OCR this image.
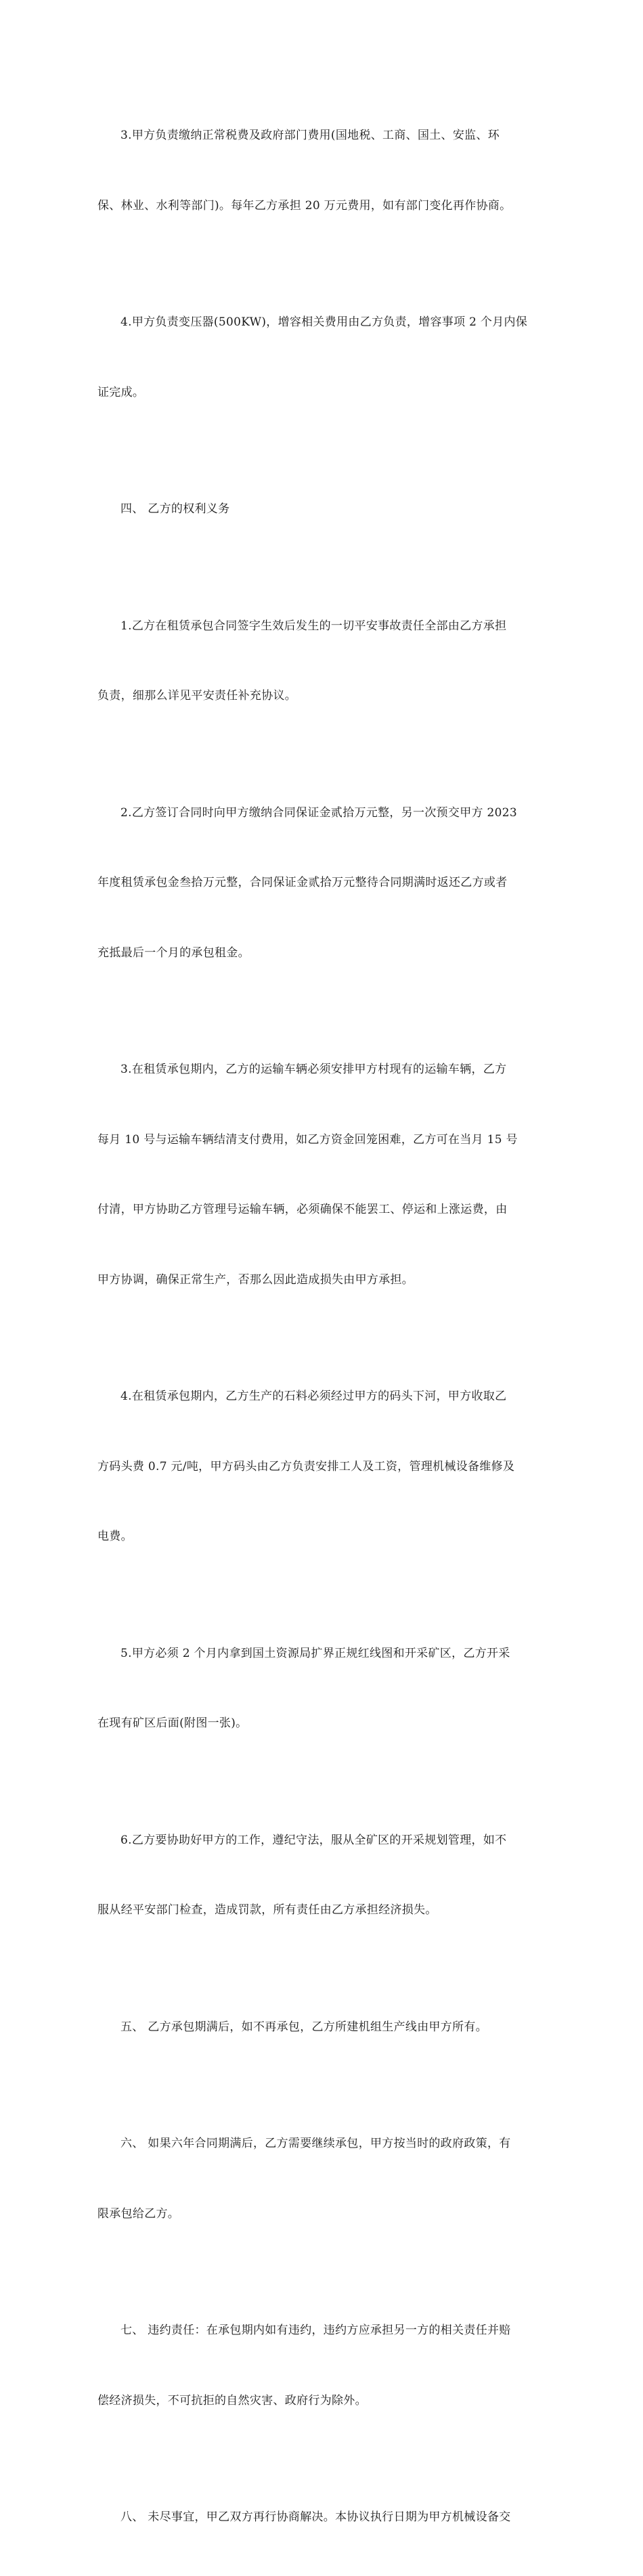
3.甲方负责缴纳正常税费及政府部门费用(国地税、工商、国土、安监、环

保、林业、水利等部门)。每年乙方承担 20 万元费用，如有部门变化再作协商。

4.甲方负责变压器(500KW)，增容相关费用由乙方负责，增容事项 2 个月内保

证完成。

四、 乙方的权利义务

1.乙方在租赁承包合同签字生效后发生的一切平安事故责任全部由乙方承担

负责，细那么详见平安责任补充协议。

2.乙方签订合同时向甲方缴纳合同保证金贰拾万元整，另一次预交甲方 2023

年度租赁承包金叁拾万元整，合同保证金贰拾万元整待合同期满时返还乙方或者

充抵最后一个月的承包租金。

3.在租赁承包期内，乙方的运输车辆必须安排甲方村现有的运输车辆，乙方

每月 10 号与运输车辆结清支付费用，如乙方资金回笼困难，乙方可在当月 15 号

付清，甲方协助乙方管理号运输车辆，必须确保不能罢工、停运和上涨运费，由

甲方协调，确保正常生产，否那么因此造成损失由甲方承担。

4.在租赁承包期内，乙方生产的石料必须经过甲方的码头下河，甲方收取乙

方码头费 0.7 元/吨，甲方码头由乙方负责安排工人及工资，管理机械设备维修及

电费。

5.甲方必须 2 个月内拿到国土资源局扩界正规红线图和开采矿区，乙方开采

在现有矿区后面(附图一张)。

6.乙方要协助好甲方的工作，遵纪守法，服从全矿区的开采规划管理，如不

服从经平安部门检查，造成罚款，所有责任由乙方承担经济损失。

五、 乙方承包期满后，如不再承包，乙方所建机组生产线由甲方所有。

六、 如果六年合同期满后，乙方需要继续承包，甲方按当时的政府政策，有

限承包给乙方。

七、 违约责任：在承包期内如有违约，违约方应承担另一方的相关责任并赔

偿经济损失，不可抗拒的自然灾害、政府行为除外。

八、 未尽事宜，甲乙双方再行协商解决。本协议执行日期为甲方机械设备交
